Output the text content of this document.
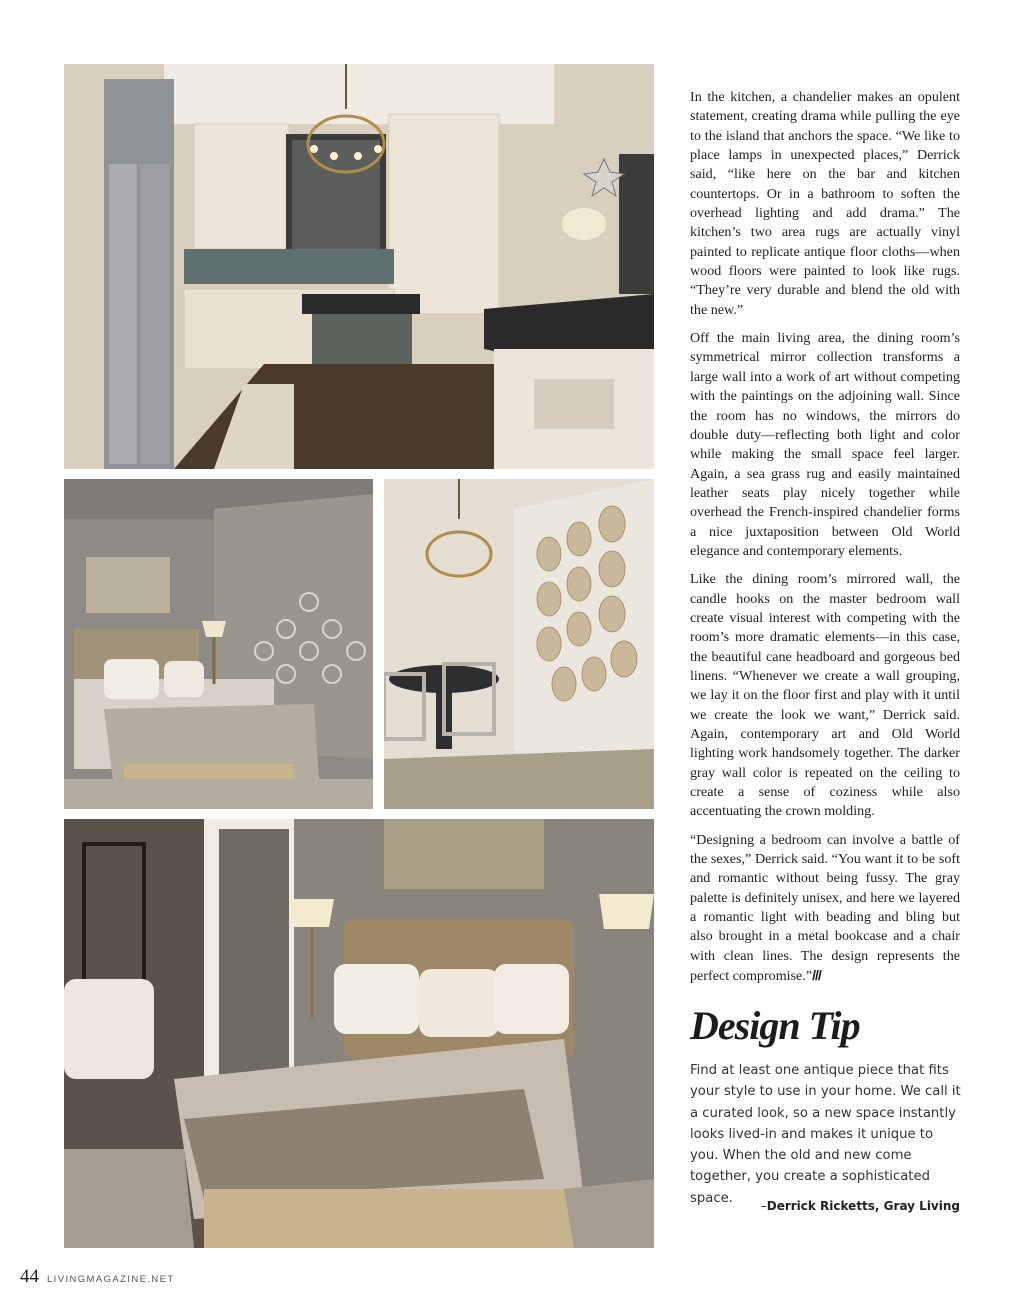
In the kitchen, a chandelier makes an opulent statement, creating drama while pulling the eye to the island that anchors the space. “We like to place lamps in unexpected places,” Derrick said, “like here on the bar and kitchen countertops. Or in a bathroom to soften the overhead lighting and add drama.” The kitchen’s two area rugs are actually vinyl painted to replicate antique floor cloths—when wood floors were painted to look like rugs. “They’re very durable and blend the old with the new.”

Off the main living area, the dining room’s symmetrical mirror collection transforms a large wall into a work of art without competing with the paintings on the adjoining wall. Since the room has no windows, the mirrors do double duty—reflecting both light and color while making the small space feel larger. Again, a sea grass rug and easily maintained leather seats play nicely together while overhead the French-inspired chandelier forms a nice juxtaposition between Old World elegance and contemporary elements.

Like the dining room’s mirrored wall, the candle hooks on the master bedroom wall create visual interest with competing with the room’s more dramatic elements—in this case, the beautiful cane headboard and gorgeous bed linens. “Whenever we create a wall grouping, we lay it on the floor first and play with it until we create the look we want,” Derrick said. Again, contemporary art and Old World lighting work handsomely together. The darker gray wall color is repeated on the ceiling to create a sense of coziness while also accentuating the crown molding.

“Designing a bedroom can involve a battle of the sexes,” Derrick said. “You want it to be soft and romantic without being fussy. The gray palette is definitely unisex, and here we layered a romantic light with beading and bling but also brought in a metal bookcase and a chair with clean lines. The design represents the perfect compromise.”///

Design Tip

Find at least one antique piece that fits your style to use in your home. We call it a curated look, so a new space instantly looks lived-in and makes it unique to you. When the old and new come together, you create a sophisticated space.

–Derrick Ricketts, Gray Living
44 LIVINGMAGAZINE.NET
